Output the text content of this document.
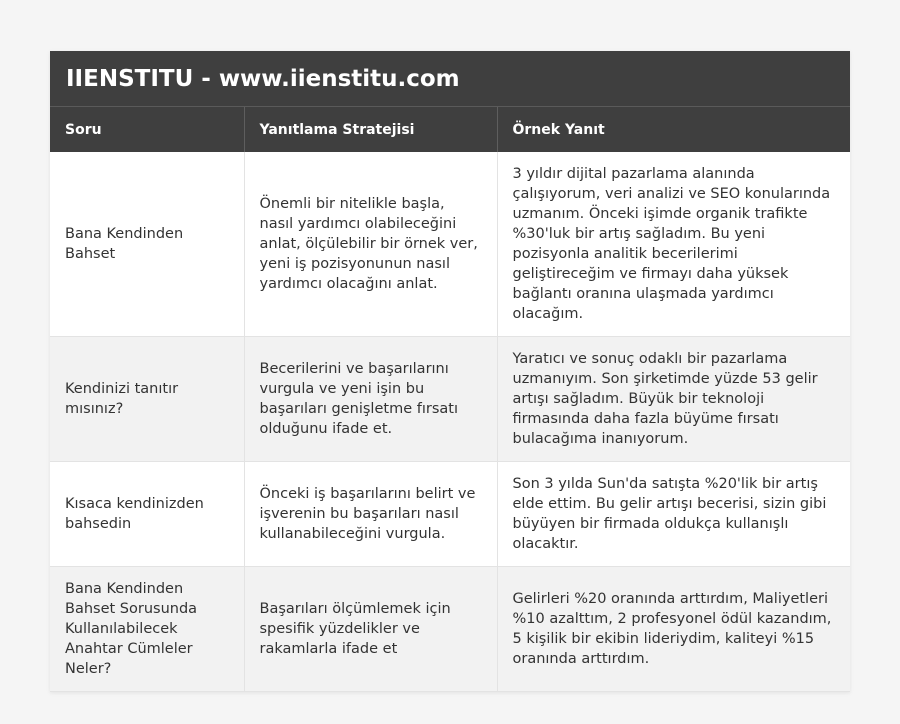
IIENSTITU - www.iienstitu.com
Soru	Yanıtlama Stratejisi	Örnek Yanıt
Bana Kendinden Bahset	Önemli bir nitelikle başla, nasıl yardımcı olabileceğini anlat, ölçülebilir bir örnek ver, yeni iş pozisyonunun nasıl yardımcı olacağını anlat.	3 yıldır dijital pazarlama alanında çalışıyorum, veri analizi ve SEO konularında uzmanım. Önceki işimde organik trafikte %30'luk bir artış sağladım. Bu yeni pozisyonla analitik becerilerimi geliştireceğim ve firmayı daha yüksek bağlantı oranına ulaşmada yardımcı olacağım.
Kendinizi tanıtır mısınız?	Becerilerini ve başarılarını vurgula ve yeni işin bu başarıları genişletme fırsatı olduğunu ifade et.	Yaratıcı ve sonuç odaklı bir pazarlama uzmanıyım. Son şirketimde yüzde 53 gelir artışı sağladım. Büyük bir teknoloji firmasında daha fazla büyüme fırsatı bulacağıma inanıyorum.
Kısaca kendinizden bahsedin	Önceki iş başarılarını belirt ve işverenin bu başarıları nasıl kullanabileceğini vurgula.	Son 3 yılda Sun'da satışta %20'lik bir artış elde ettim. Bu gelir artışı becerisi, sizin gibi büyüyen bir firmada oldukça kullanışlı olacaktır.
Bana Kendinden Bahset Sorusunda Kullanılabilecek Anahtar Cümleler Neler?	Başarıları ölçümlemek için spesifik yüzdelikler ve rakamlarla ifade et	Gelirleri %20 oranında arttırdım, Maliyetleri %10 azalttım, 2 profesyonel ödül kazandım, 5 kişilik bir ekibin lideriydim, kaliteyi %15 oranında arttırdım.
